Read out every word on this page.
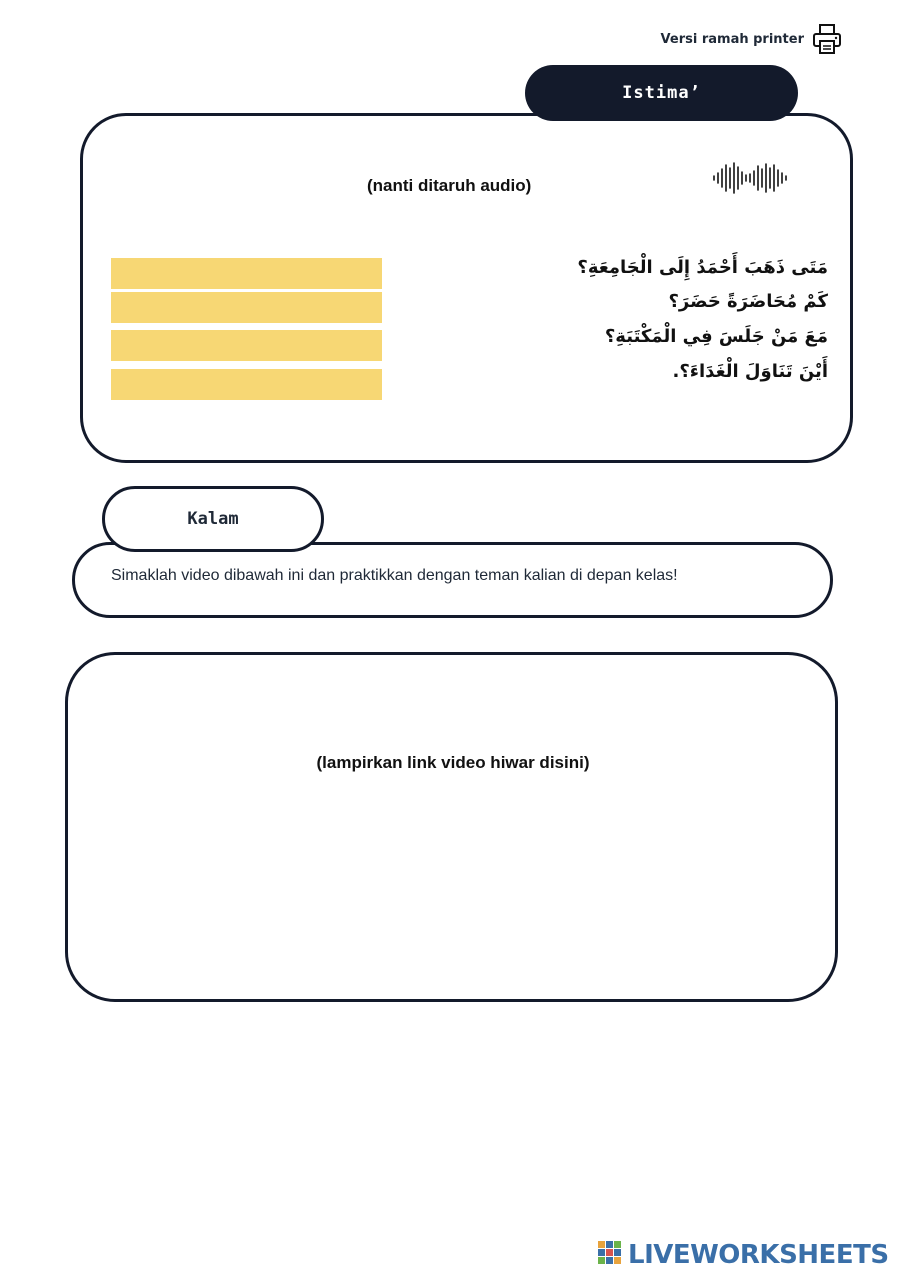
Versi ramah printer
Istima’
(nanti ditaruh audio)
مَتَى ذَهَبَ أَحْمَدُ إِلَى الْجَامِعَةِ؟
كَمْ مُحَاضَرَةً حَضَرَ؟
مَعَ مَنْ جَلَسَ فِي الْمَكْتَبَةِ؟
أَيْنَ تَنَاوَلَ الْغَدَاءَ؟.
Kalam
Simaklah video dibawah ini dan praktikkan dengan teman kalian di depan kelas!
(lampirkan link video hiwar disini)
LIVEWORKSHEETS
